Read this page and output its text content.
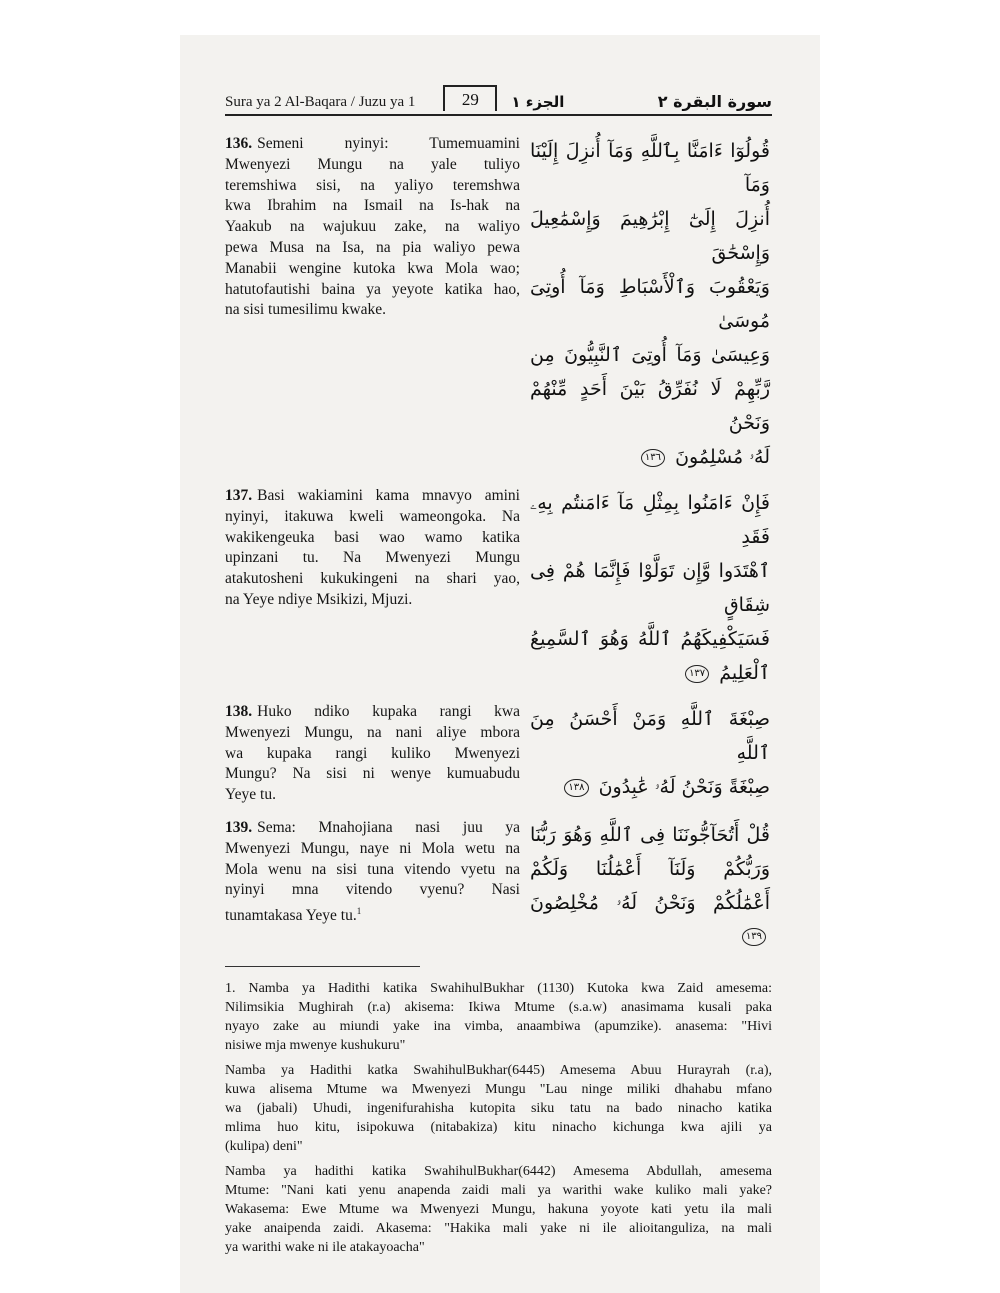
Sura ya 2 Al-Baqara / Juzu ya 1	29	الجزء ١	سورة البقرة ٢
136. Semeni nyinyi: Tumemuamini
Mwenyezi Mungu na yale tuliyo
teremshiwa sisi, na yaliyo teremshwa
kwa Ibrahim na Ismail na Is-hak na
Yaakub na wajukuu zake, na waliyo
pewa Musa na Isa, na pia waliyo pewa
Manabii wengine kutoka kwa Mola wao;
hatutofautishi baina ya yeyote katika hao,
na sisi tumesilimu kwake.
قُولُوٓا ءَامَنَّا بِٱللَّهِ وَمَآ أُنزِلَ إِلَيْنَا وَمَآ
أُنزِلَ إِلَىٰٓ إِبْرَٰهِيمَ وَإِسْمَٰعِيلَ وَإِسْحَٰقَ
وَيَعْقُوبَ وَٱلْأَسْبَاطِ وَمَآ أُوتِىَ مُوسَىٰ
وَعِيسَىٰ وَمَآ أُوتِىَ ٱلنَّبِيُّونَ مِن
رَّبِّهِمْ لَا نُفَرِّقُ بَيْنَ أَحَدٍ مِّنْهُمْ وَنَحْنُ
لَهُۥ مُسْلِمُونَ ١٣٦
137. Basi wakiamini kama mnavyo amini
nyinyi, itakuwa kweli wameongoka. Na
wakikengeuka basi wao wamo katika
upinzani tu. Na Mwenyezi Mungu
atakutosheni kukukingeni na shari yao,
na Yeye ndiye Msikizi, Mjuzi.
فَإِنْ ءَامَنُوا بِمِثْلِ مَآ ءَامَنتُم بِهِۦ فَقَدِ
ٱهْتَدَوا وَّإِن تَوَلَّوْا فَإِنَّمَا هُمْ فِى شِقَاقٍ
فَسَيَكْفِيكَهُمُ ٱللَّهُ وَهُوَ ٱلسَّمِيعُ
ٱلْعَلِيمُ ١٣٧
138. Huko ndiko kupaka rangi kwa
Mwenyezi Mungu, na nani aliye mbora
wa kupaka rangi kuliko Mwenyezi
Mungu? Na sisi ni wenye kumuabudu
Yeye tu.
صِبْغَةَ ٱللَّهِ وَمَنْ أَحْسَنُ مِنَ ٱللَّهِ
صِبْغَةً وَنَحْنُ لَهُۥ عَٰبِدُونَ ١٣٨
139. Sema: Mnahojiana nasi juu ya
Mwenyezi Mungu, naye ni Mola wetu na
Mola wenu na sisi tuna vitendo vyetu na
nyinyi mna vitendo vyenu? Nasi
tunamtakasa Yeye tu.$^1$
قُلْ أَتُحَآجُّونَنَا فِى ٱللَّهِ وَهُوَ رَبُّنَا
وَرَبُّكُمْ وَلَنَآ أَعْمَٰلُنَا وَلَكُمْ
أَعْمَٰلُكُمْ وَنَحْنُ لَهُۥ مُخْلِصُونَ ١٣٩
1. Namba ya Hadithi katika SwahihulBukhar (1130) Kutoka kwa Zaid amesema:
Nilimsikia Mughirah (r.a) akisema: Ikiwa Mtume (s.a.w) anasimama kusali paka
nyayo zake au miundi yake ina vimba, anaambiwa (apumzike). anasema: "Hivi
nisiwe mja mwenye kushukuru"
Namba ya Hadithi katka SwahihulBukhar(6445) Amesema Abuu Hurayrah (r.a),
kuwa alisema Mtume wa Mwenyezi Mungu "Lau ninge miliki dhahabu mfano
wa (jabali) Uhudi, ingenifurahisha kutopita siku tatu na bado ninacho katika
mlima huo kitu, isipokuwa (nitabakiza) kitu ninacho kichunga kwa ajili ya
(kulipa) deni"
Namba ya hadithi katika SwahihulBukhar(6442) Amesema Abdullah, amesema
Mtume: "Nani kati yenu anapenda zaidi mali ya warithi wake kuliko mali yake?
Wakasema: Ewe Mtume wa Mwenyezi Mungu, hakuna yoyote kati yetu ila mali
yake anaipenda zaidi. Akasema: "Hakika mali yake ni ile alioitanguliza, na mali
ya warithi wake ni ile atakayoacha"
